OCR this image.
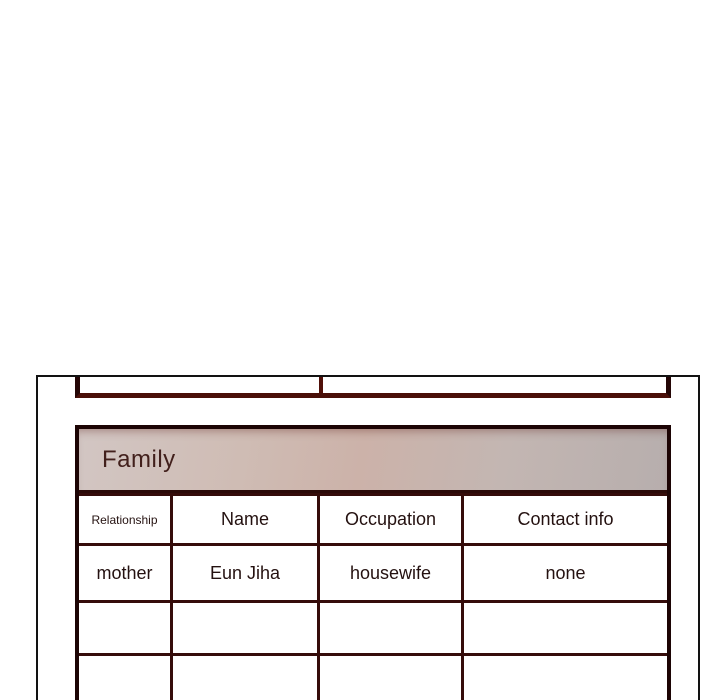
Family
Relationship	Name	Occupation	Contact info
mother	Eun Jiha	housewife	none
